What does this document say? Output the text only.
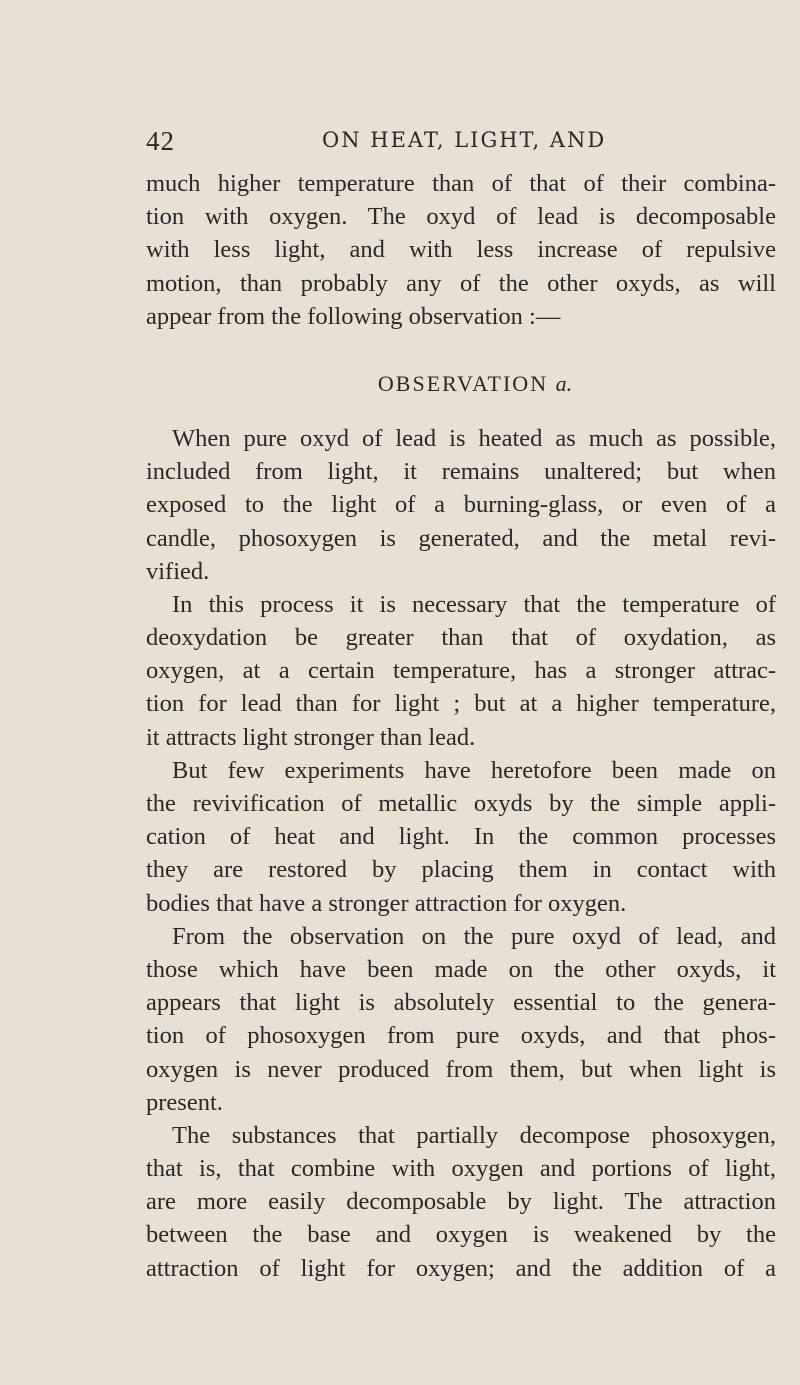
42	ON HEAT, LIGHT, AND
much higher temperature than of that of their combina-
tion with oxygen. The oxyd of lead is decomposable
with less light, and with less increase of repulsive
motion, than probably any of the other oxyds, as will
appear from the following observation :—
OBSERVATION a.
When pure oxyd of lead is heated as much as possible,
included from light, it remains unaltered; but when
exposed to the light of a burning-glass, or even of a
candle, phosoxygen is generated, and the metal revi-
vified.
In this process it is necessary that the temperature of
deoxydation be greater than that of oxydation, as
oxygen, at a certain temperature, has a stronger attrac-
tion for lead than for light ; but at a higher temperature,
it attracts light stronger than lead.
But few experiments have heretofore been made on
the revivification of metallic oxyds by the simple appli-
cation of heat and light. In the common processes
they are restored by placing them in contact with
bodies that have a stronger attraction for oxygen.
From the observation on the pure oxyd of lead, and
those which have been made on the other oxyds, it
appears that light is absolutely essential to the genera-
tion of phosoxygen from pure oxyds, and that phos-
oxygen is never produced from them, but when light is
present.
The substances that partially decompose phosoxygen,
that is, that combine with oxygen and portions of light,
are more easily decomposable by light. The attraction
between the base and oxygen is weakened by the
attraction of light for oxygen; and the addition of a
